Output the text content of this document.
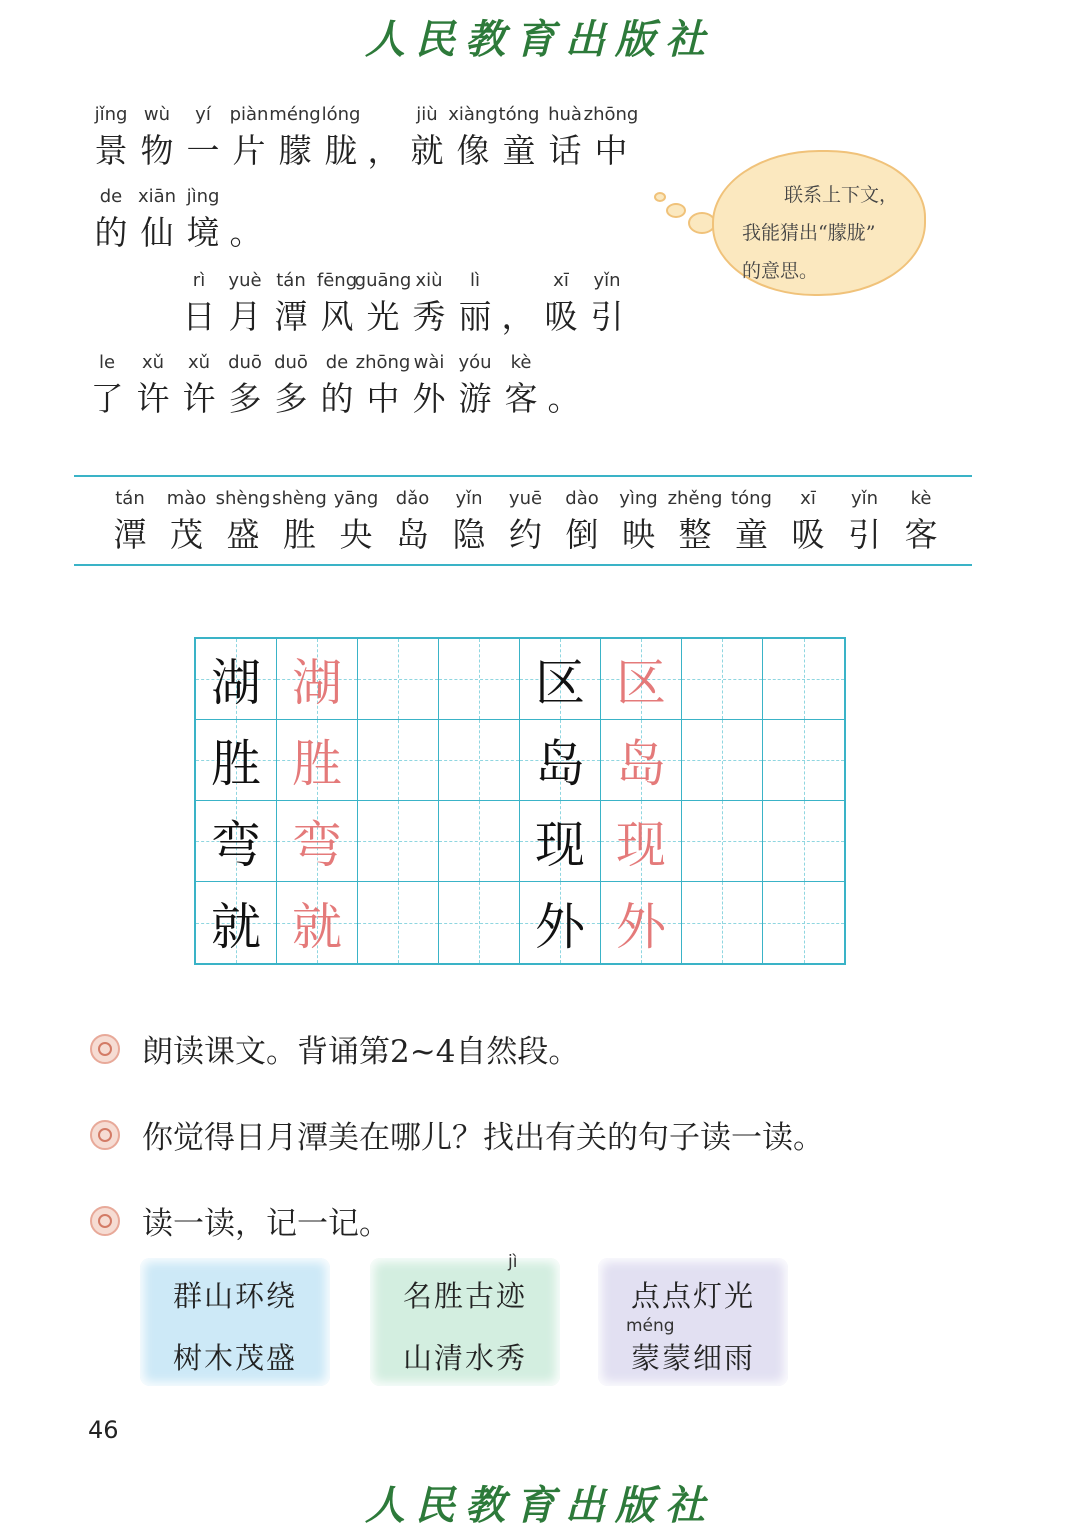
人民教育出版社
jǐng
景
wù
物
yí
一
piàn
片
méng
朦
lóng
胧 ，
jiù
就
xiàng
像
tóng
童
huà
话
zhōng
中
de
的
xiān
仙
jìng
境 。
rì
日
yuè
月
tán
潭
fēng
风
guāng
光
xiù
秀
lì
丽 ，
xī
吸
yǐn
引
le
了
xǔ
许
xǔ
许
duō
多
duō
多
de
的
zhōng
中
wài
外
yóu
游
kè
客 。
联系上下文，
我能猜出“朦胧”
的意思。
湖 湖	区 区
胜 胜	岛 岛
弯 弯	现 现
就 就	外 外
朗读课文。背诵第2~4自然段。
你觉得日月潭美在哪儿？找出有关的句子读一读。
读一读，记一记。
群山环绕
树木茂盛
jì
名胜古迹
山清水秀
点点灯光
méng
蒙蒙细雨
46
人民教育出版社
tán
潭
mào
茂
shèng
盛
shèng
胜
yāng
央
dǎo
岛
yǐn
隐
yuē
约
dào
倒
yìng
映
zhěng
整
tóng
童
xī
吸
yǐn
引
kè
客
